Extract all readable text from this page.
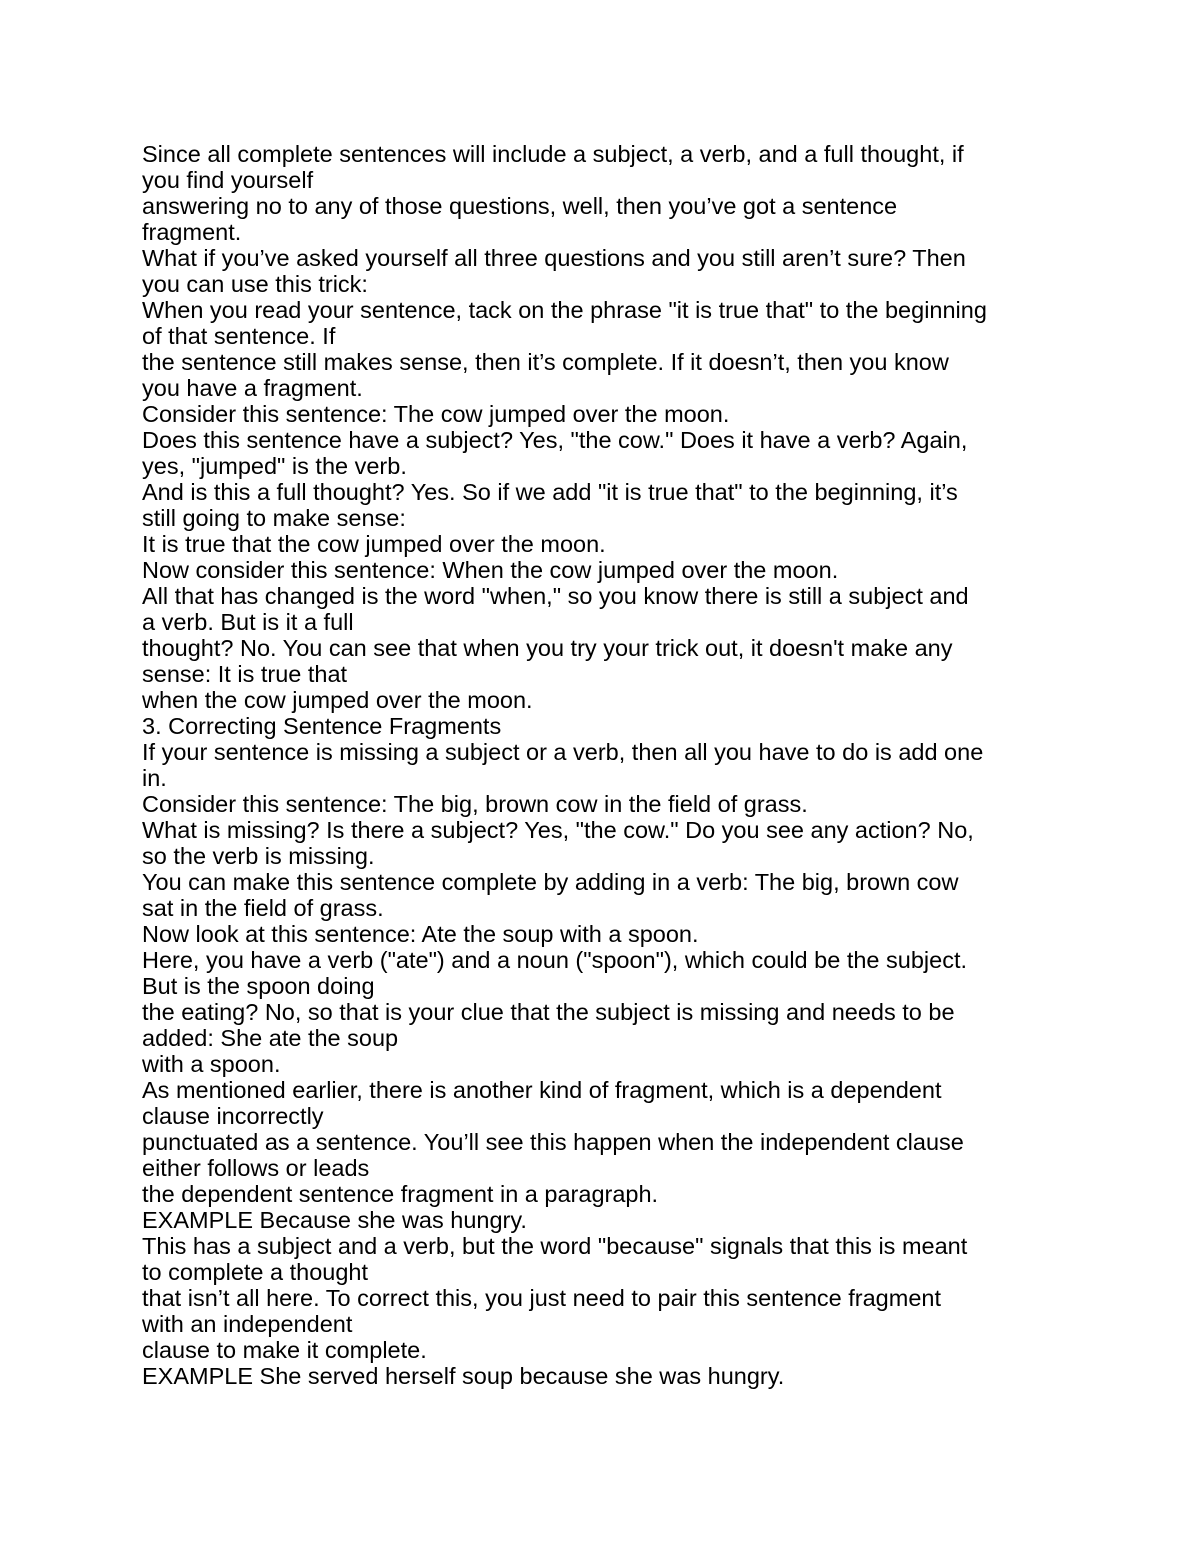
Since all complete sentences will include a subject, a verb, and a full thought, if
you find yourself
answering no to any of those questions, well, then you’ve got a sentence
fragment.
What if you’ve asked yourself all three questions and you still aren’t sure? Then
you can use this trick:
When you read your sentence, tack on the phrase "it is true that" to the beginning
of that sentence. If
the sentence still makes sense, then it’s complete. If it doesn’t, then you know
you have a fragment.
Consider this sentence: The cow jumped over the moon.
Does this sentence have a subject? Yes, "the cow." Does it have a verb? Again,
yes, "jumped" is the verb.
And is this a full thought? Yes. So if we add "it is true that" to the beginning, it’s
still going to make sense:
It is true that the cow jumped over the moon.
Now consider this sentence: When the cow jumped over the moon.
All that has changed is the word "when," so you know there is still a subject and
a verb. But is it a full
thought? No. You can see that when you try your trick out, it doesn't make any
sense: It is true that
when the cow jumped over the moon.
3. Correcting Sentence Fragments
If your sentence is missing a subject or a verb, then all you have to do is add one
in.
Consider this sentence: The big, brown cow in the field of grass.
What is missing? Is there a subject? Yes, "the cow." Do you see any action? No,
so the verb is missing.
You can make this sentence complete by adding in a verb: The big, brown cow
sat in the field of grass.
Now look at this sentence: Ate the soup with a spoon.
Here, you have a verb ("ate") and a noun ("spoon"), which could be the subject.
But is the spoon doing
the eating? No, so that is your clue that the subject is missing and needs to be
added: She ate the soup
with a spoon.
As mentioned earlier, there is another kind of fragment, which is a dependent
clause incorrectly
punctuated as a sentence. You’ll see this happen when the independent clause
either follows or leads
the dependent sentence fragment in a paragraph.
EXAMPLE Because she was hungry.
This has a subject and a verb, but the word "because" signals that this is meant
to complete a thought
that isn’t all here. To correct this, you just need to pair this sentence fragment
with an independent
clause to make it complete.
EXAMPLE She served herself soup because she was hungry.
